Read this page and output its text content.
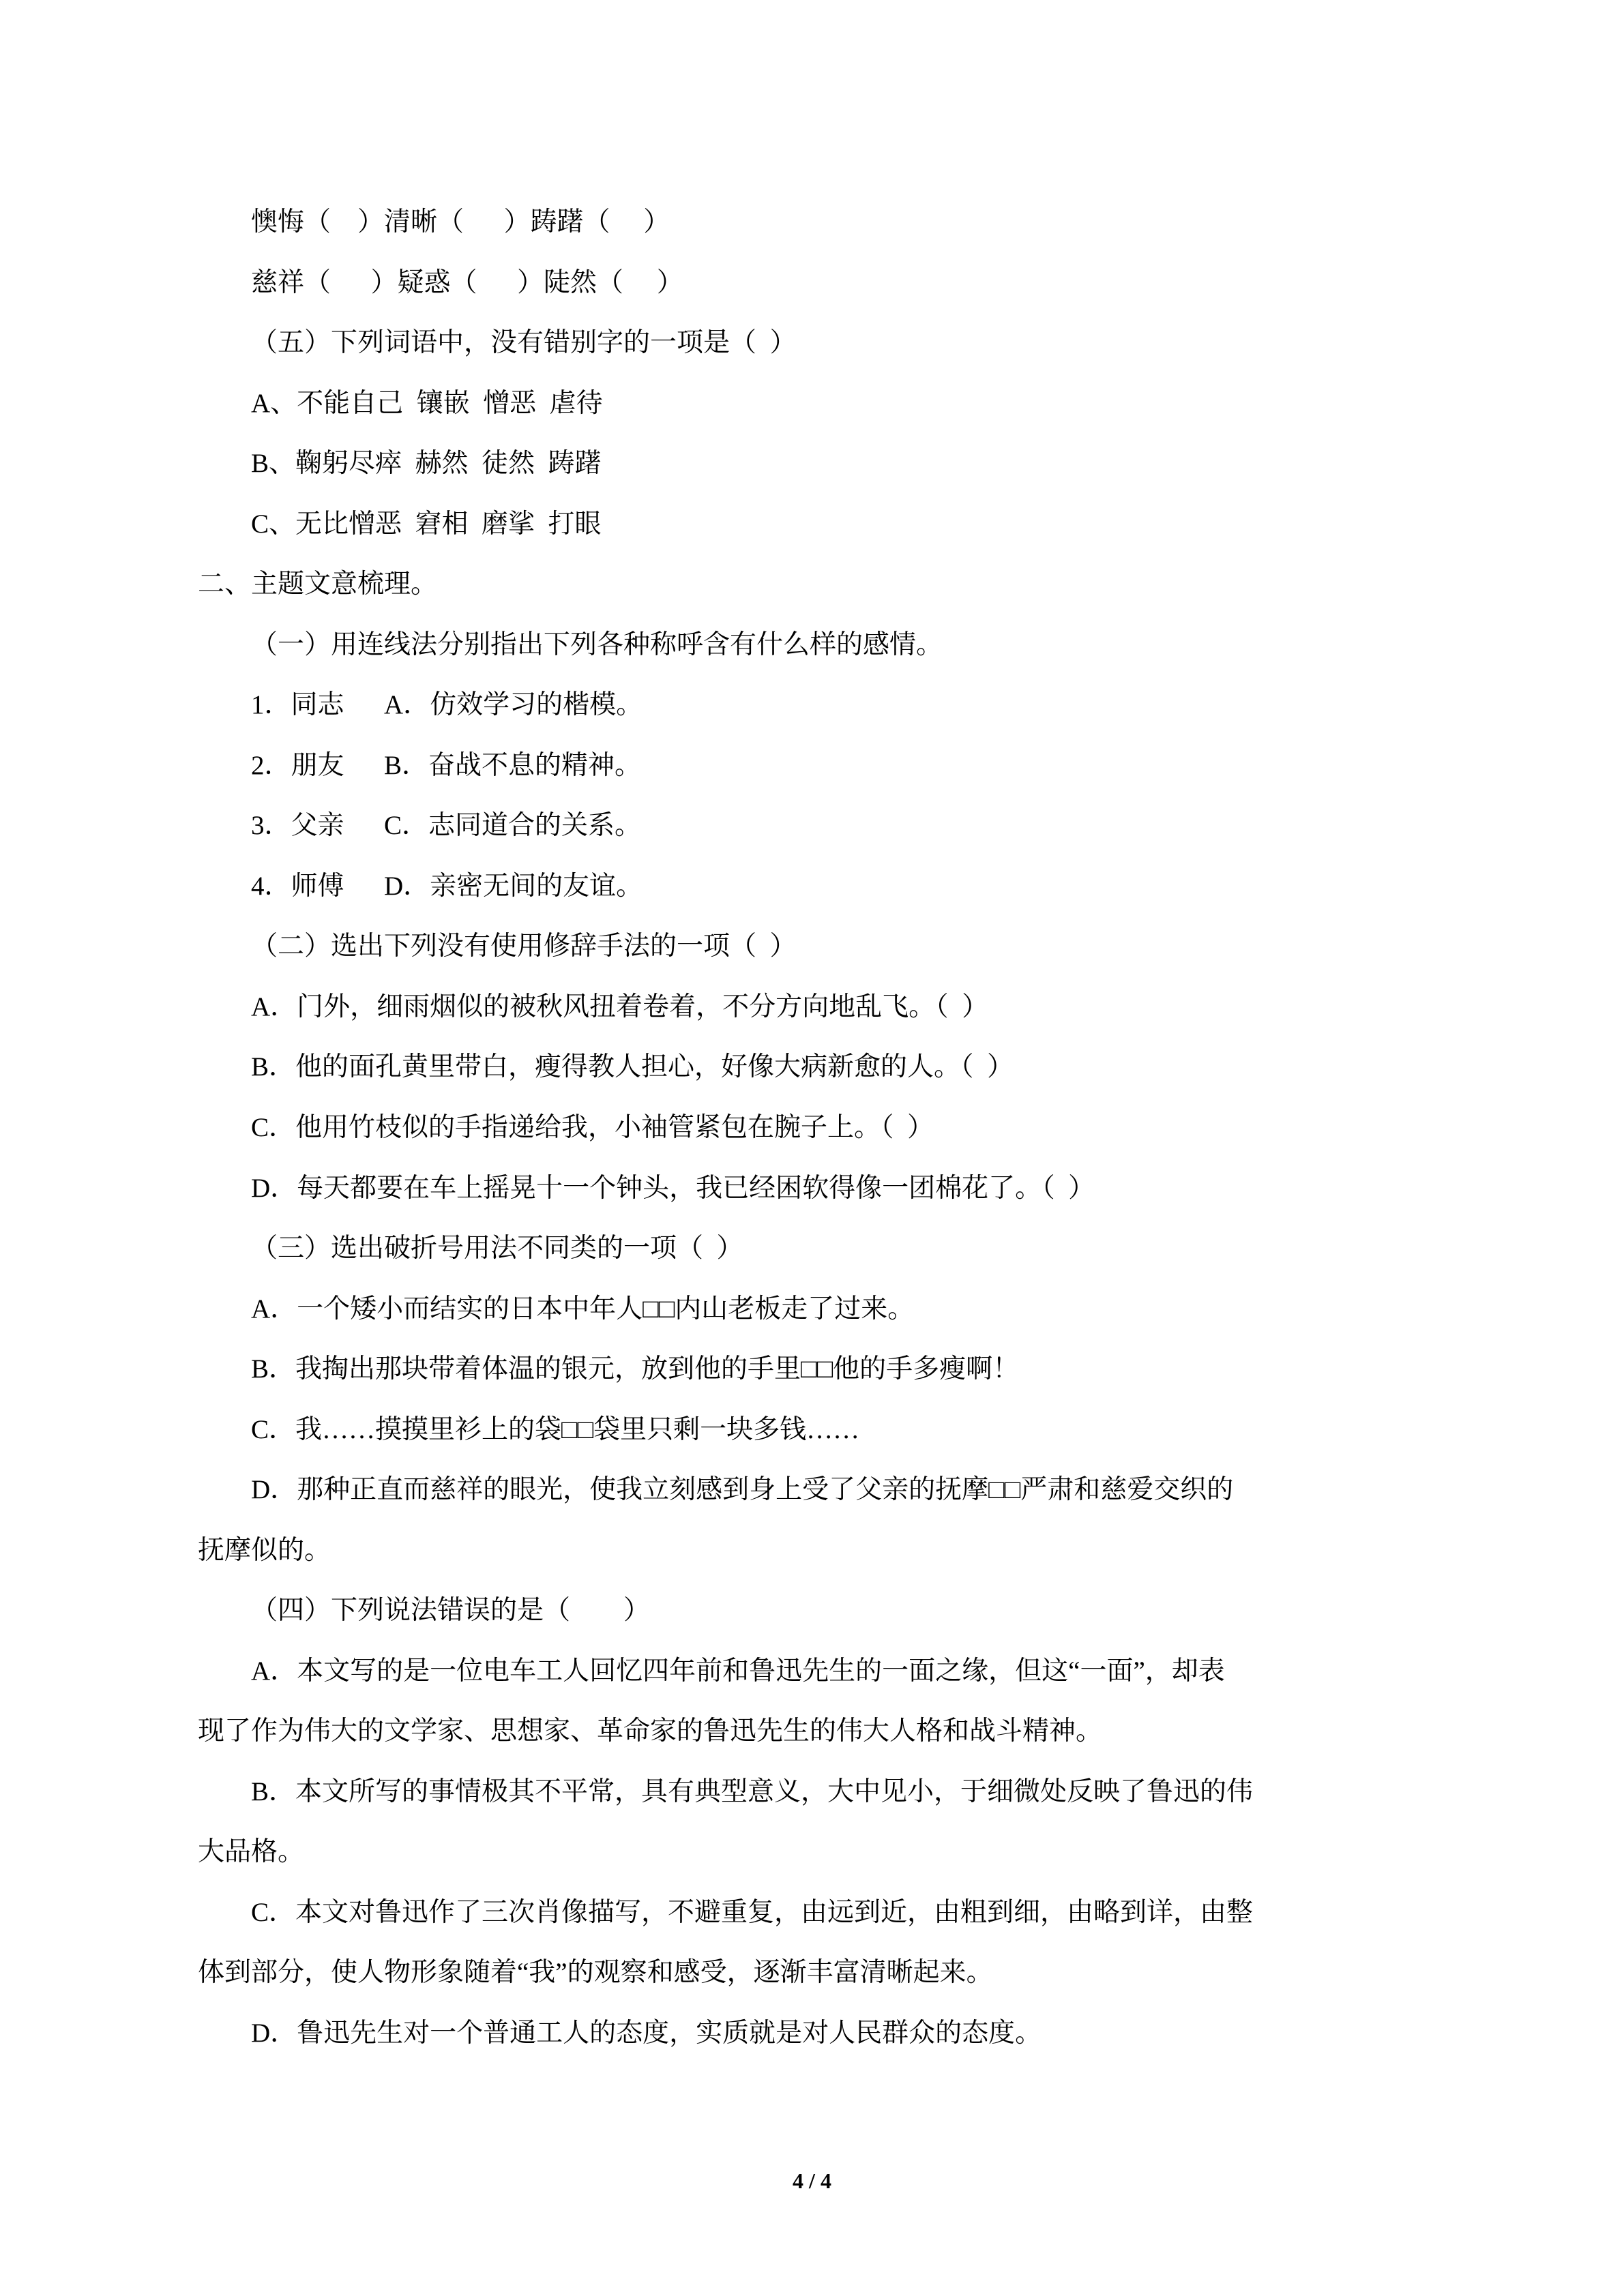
懊悔（    ）清晰（      ）踌躇（     ）

慈祥（      ）疑惑（      ）陡然（     ）

（五）下列词语中，没有错别字的一项是（  ）

A、不能自己  镶嵌  憎恶  虐待

B、鞠躬尽瘁  赫然  徒然  踌躇

C、无比憎恶  窘相  磨挲  打眼

二、主题文意梳理。

（一）用连线法分别指出下列各种称呼含有什么样的感情。

1．同志	A．仿效学习的楷模。
2．朋友	B．奋战不息的精神。
3．父亲	C．志同道合的关系。
4．师傅	D．亲密无间的友谊。

（二）选出下列没有使用修辞手法的一项（  ）

A．门外，细雨烟似的被秋风扭着卷着，不分方向地乱飞。（  ）

B．他的面孔黄里带白，瘦得教人担心，好像大病新愈的人。（  ）

C．他用竹枝似的手指递给我，小袖管紧包在腕子上。（  ）

D．每天都要在车上摇晃十一个钟头，我已经困软得像一团棉花了。（  ）

（三）选出破折号用法不同类的一项（  ）

A．一个矮小而结实的日本中年人□□内山老板走了过来。

B．我掏出那块带着体温的银元，放到他的手里□□他的手多瘦啊！

C．我……摸摸里衫上的袋□□袋里只剩一块多钱……

D．那种正直而慈祥的眼光，使我立刻感到身上受了父亲的抚摩□□严肃和慈爱交织的

抚摩似的。

（四）下列说法错误的是（        ）

A．本文写的是一位电车工人回忆四年前和鲁迅先生的一面之缘，但这“一面”，却表

现了作为伟大的文学家、思想家、革命家的鲁迅先生的伟大人格和战斗精神。

B．本文所写的事情极其不平常，具有典型意义，大中见小，于细微处反映了鲁迅的伟

大品格。

C．本文对鲁迅作了三次肖像描写，不避重复，由远到近，由粗到细，由略到详，由整

体到部分，使人物形象随着“我”的观察和感受，逐渐丰富清晰起来。

D．鲁迅先生对一个普通工人的态度，实质就是对人民群众的态度。

4 / 4
